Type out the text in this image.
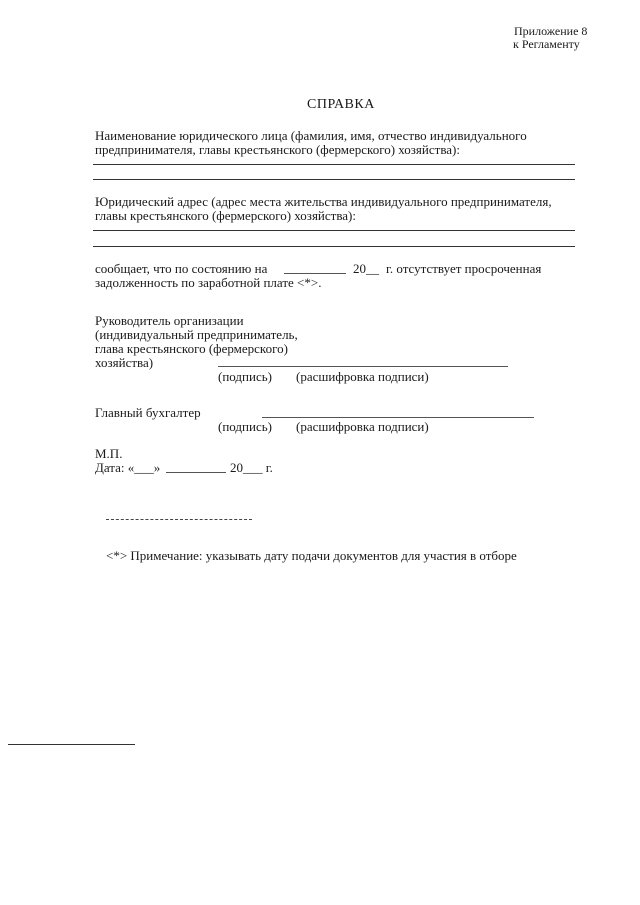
Приложение 8
к Регламенту
СПРАВКА
Наименование юридического лица (фамилия, имя, отчество индивидуального
предпринимателя, главы крестьянского (фермерского) хозяйства):
Юридический адрес (адрес места жительства индивидуального предпринимателя,
главы крестьянского (фермерского) хозяйства):
сообщает, что по состоянию на	20__ г. отсутствует просроченная
задолженность по заработной плате <*>.
Руководитель организации
(индивидуальный предприниматель,
глава крестьянского (фермерского)
хозяйства)
(подпись) (расшифровка подписи)
Главный бухгалтер
(подпись) (расшифровка подписи)
М.П.
Дата: «___»	20___ г.
<*> Примечание: указывать дату подачи документов для участия в отборе
